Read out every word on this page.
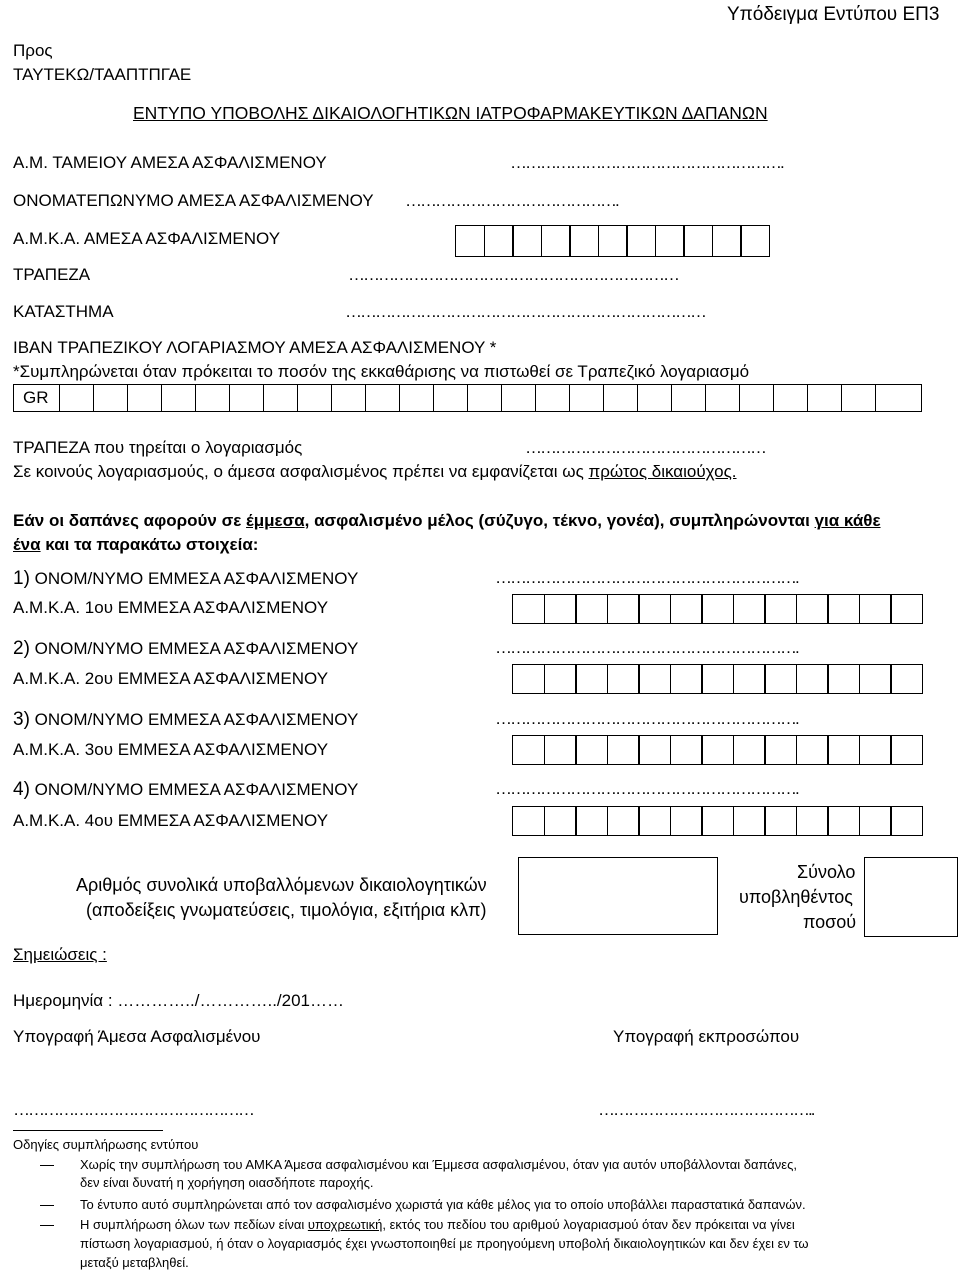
Υπόδειγμα Εντύπου ΕΠ3
Προς
ΤΑΥΤΕΚΩ/ΤΑΑΠΤΠΓΑΕ
ΕΝΤΥΠΟ ΥΠΟΒΟΛΗΣ ΔΙΚΑΙΟΛΟΓΗΤΙΚΩΝ ΙΑΤΡΟΦΑΡΜΑΚΕΥΤΙΚΩΝ ΔΑΠΑΝΩΝ
Α.Μ. ΤΑΜΕΙΟΥ ΑΜΕΣΑ ΑΣΦΑΛΙΣΜΕΝΟΥ	……………………………………………….
ΟΝΟΜΑΤΕΠΩΝΥΜΟ ΑΜΕΣΑ ΑΣΦΑΛΙΣΜΕΝΟΥ …………………………………….
Α.Μ.Κ.Α. ΑΜΕΣΑ ΑΣΦΑΛΙΣΜΕΝΟΥ
ΤΡΑΠΕΖΑ	…………………………………………………………
ΚΑΤΑΣΤΗΜΑ	………………………………………………………………
IBAN ΤΡΑΠΕΖΙΚΟΥ ΛΟΓΑΡΙΑΣΜΟΥ ΑΜΕΣΑ ΑΣΦΑΛΙΣΜΕΝΟΥ *
*Συμπληρώνεται όταν πρόκειται το ποσόν της εκκαθάρισης να πιστωθεί σε Τραπεζικό λογαριασμό
GR
ΤΡΑΠΕΖΑ που τηρείται ο λογαριασμός	…………………………………………
Σε κοινούς λογαριασμούς, ο άμεσα ασφαλισμένος πρέπει να εμφανίζεται ως πρώτος δικαιούχος.
Εάν οι δαπάνες αφορούν σε έμμεσα, ασφαλισμένο μέλος (σύζυγο, τέκνο, γονέα), συμπληρώνονται για κάθε
ένα και τα παρακάτω στοιχεία:
1) ΟΝΟΜ/ΝΥΜΟ ΕΜΜΕΣΑ ΑΣΦΑΛΙΣΜΕΝΟΥ	…………………………………………………….
Α.Μ.Κ.Α. 1ου ΕΜΜΕΣΑ ΑΣΦΑΛΙΣΜΕΝΟΥ
2) ΟΝΟΜ/ΝΥΜΟ ΕΜΜΕΣΑ ΑΣΦΑΛΙΣΜΕΝΟΥ	…………………………………………………….
Α.Μ.Κ.Α. 2ου ΕΜΜΕΣΑ ΑΣΦΑΛΙΣΜΕΝΟΥ
3) ΟΝΟΜ/ΝΥΜΟ ΕΜΜΕΣΑ ΑΣΦΑΛΙΣΜΕΝΟΥ	…………………………………………………….
Α.Μ.Κ.Α. 3ου ΕΜΜΕΣΑ ΑΣΦΑΛΙΣΜΕΝΟΥ
4) ΟΝΟΜ/ΝΥΜΟ ΕΜΜΕΣΑ ΑΣΦΑΛΙΣΜΕΝΟΥ	…………………………………………………….
Α.Μ.Κ.Α. 4ου ΕΜΜΕΣΑ ΑΣΦΑΛΙΣΜΕΝΟΥ
Αριθμός συνολικά υποβαλλόμενων δικαιολογητικών
(αποδείξεις γνωματεύσεις, τιμολόγια, εξιτήρια κλπ)
Σύνολο
υποβληθέντος
ποσού
Σημειώσεις :
Ημερομηνία : …………../…………../201……
Υπογραφή Άμεσα Ασφαλισμένου	Υπογραφή εκπροσώπου
…………………………………………	……………………………………..
Οδηγίες συμπλήρωσης εντύπου
Χωρίς την συμπλήρωση του ΑΜΚΑ Άμεσα ασφαλισμένου και Έμμεσα ασφαλισμένου, όταν για αυτόν υποβάλλονται δαπάνες,
δεν είναι δυνατή η χορήγηση οιασδήποτε παροχής.
Το έντυπο αυτό συμπληρώνεται από τον ασφαλισμένο χωριστά για κάθε μέλος για το οποίο υποβάλλει παραστατικά δαπανών.
Η συμπλήρωση όλων των πεδίων είναι υποχρεωτική, εκτός του πεδίου του αριθμού λογαριασμού όταν δεν πρόκειται να γίνει
πίστωση λογαριασμού, ή όταν ο λογαριασμός έχει γνωστοποιηθεί με προηγούμενη υποβολή δικαιολογητικών και δεν έχει εν τω
μεταξύ μεταβληθεί.
